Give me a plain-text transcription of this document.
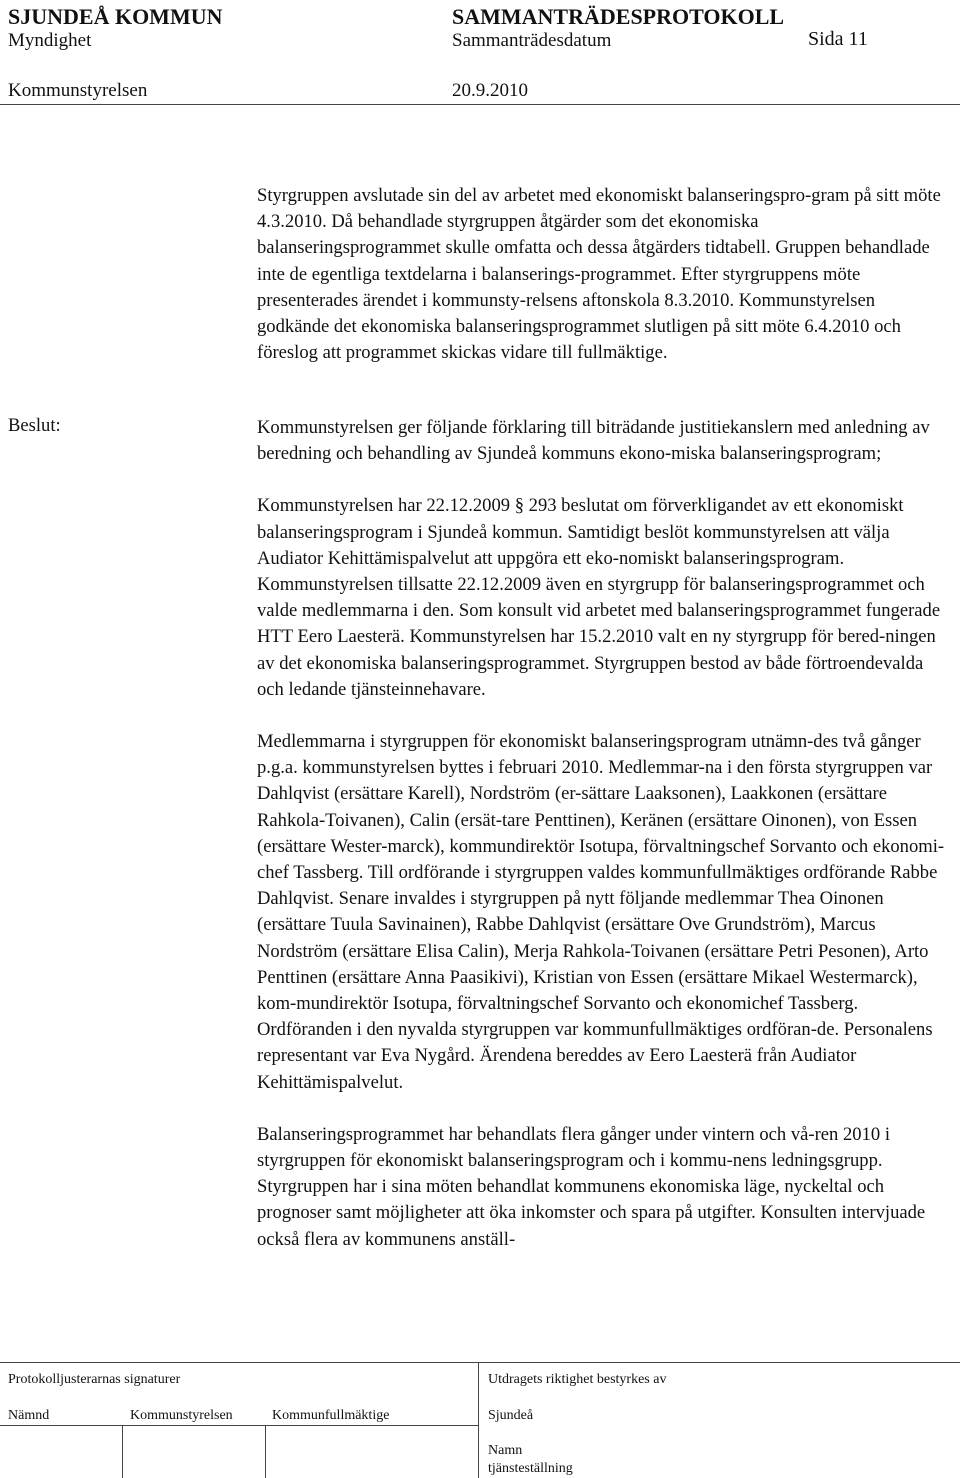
SJUNDEÅ KOMMUN	SAMMANTRÄDESPROTOKOLL
Myndighet	Sammanträdesdatum	Sida 11
Kommunstyrelsen	20.9.2010

Styrgruppen avslutade sin del av arbetet med ekonomiskt balanseringspro-gram på sitt möte 4.3.2010. Då behandlade styrgruppen åtgärder som det ekonomiska balanseringsprogrammet skulle omfatta och dessa åtgärders tidtabell. Gruppen behandlade inte de egentliga textdelarna i balanserings-programmet. Efter styrgruppens möte presenterades ärendet i kommunsty-relsens aftonskola 8.3.2010. Kommunstyrelsen godkände det ekonomiska balanseringsprogrammet slutligen på sitt möte 6.4.2010 och föreslog att programmet skickas vidare till fullmäktige.

Beslut:	Kommunstyrelsen ger följande förklaring till biträdande justitiekanslern med anledning av beredning och behandling av Sjundeå kommuns ekono-miska balanseringsprogram;

Kommunstyrelsen har 22.12.2009 § 293 beslutat om förverkligandet av ett ekonomiskt balanseringsprogram i Sjundeå kommun. Samtidigt beslöt kommunstyrelsen att välja Audiator Kehittämispalvelut att uppgöra ett eko-nomiskt balanseringsprogram. Kommunstyrelsen tillsatte 22.12.2009 även en styrgrupp för balanseringsprogrammet och valde medlemmarna i den. Som konsult vid arbetet med balanseringsprogrammet fungerade HTT Eero Laesterä. Kommunstyrelsen har 15.2.2010 valt en ny styrgrupp för bered-ningen av det ekonomiska balanseringsprogrammet. Styrgruppen bestod av både förtroendevalda och ledande tjänsteinnehavare.

Medlemmarna i styrgruppen för ekonomiskt balanseringsprogram utnämn-des två gånger p.g.a. kommunstyrelsen byttes i februari 2010. Medlemmar-na i den första styrgruppen var Dahlqvist (ersättare Karell), Nordström (er-sättare Laaksonen), Laakkonen (ersättare Rahkola-Toivanen), Calin (ersät-tare Penttinen), Keränen (ersättare Oinonen), von Essen (ersättare Wester-marck), kommundirektör Isotupa, förvaltningschef Sorvanto och ekonomi-chef Tassberg. Till ordförande i styrgruppen valdes kommunfullmäktiges ordförande Rabbe Dahlqvist. Senare invaldes i styrgruppen på nytt följande medlemmar Thea Oinonen (ersättare Tuula Savinainen), Rabbe Dahlqvist (ersättare Ove Grundström), Marcus Nordström (ersättare Elisa Calin), Merja Rahkola-Toivanen (ersättare Petri Pesonen), Arto Penttinen (ersättare Anna Paasikivi), Kristian von Essen (ersättare Mikael Westermarck), kom-mundirektör Isotupa, förvaltningschef Sorvanto och ekonomichef Tassberg. Ordföranden i den nyvalda styrgruppen var kommunfullmäktiges ordföran-de. Personalens representant var Eva Nygård. Ärendena bereddes av Eero Laesterä från Audiator Kehittämispalvelut.

Balanseringsprogrammet har behandlats flera gånger under vintern och vå-ren 2010 i styrgruppen för ekonomiskt balanseringsprogram och i kommu-nens ledningsgrupp. Styrgruppen har i sina möten behandlat kommunens ekonomiska läge, nyckeltal och prognoser samt möjligheter att öka inkomster och spara på utgifter. Konsulten intervjuade också flera av kommunens anställ-

Protokolljusterarnas signaturer	Utdragets riktighet bestyrkes av
Nämnd	Kommunstyrelsen	Kommunfullmäktige	Sjundeå
Namn
tjänsteställning
